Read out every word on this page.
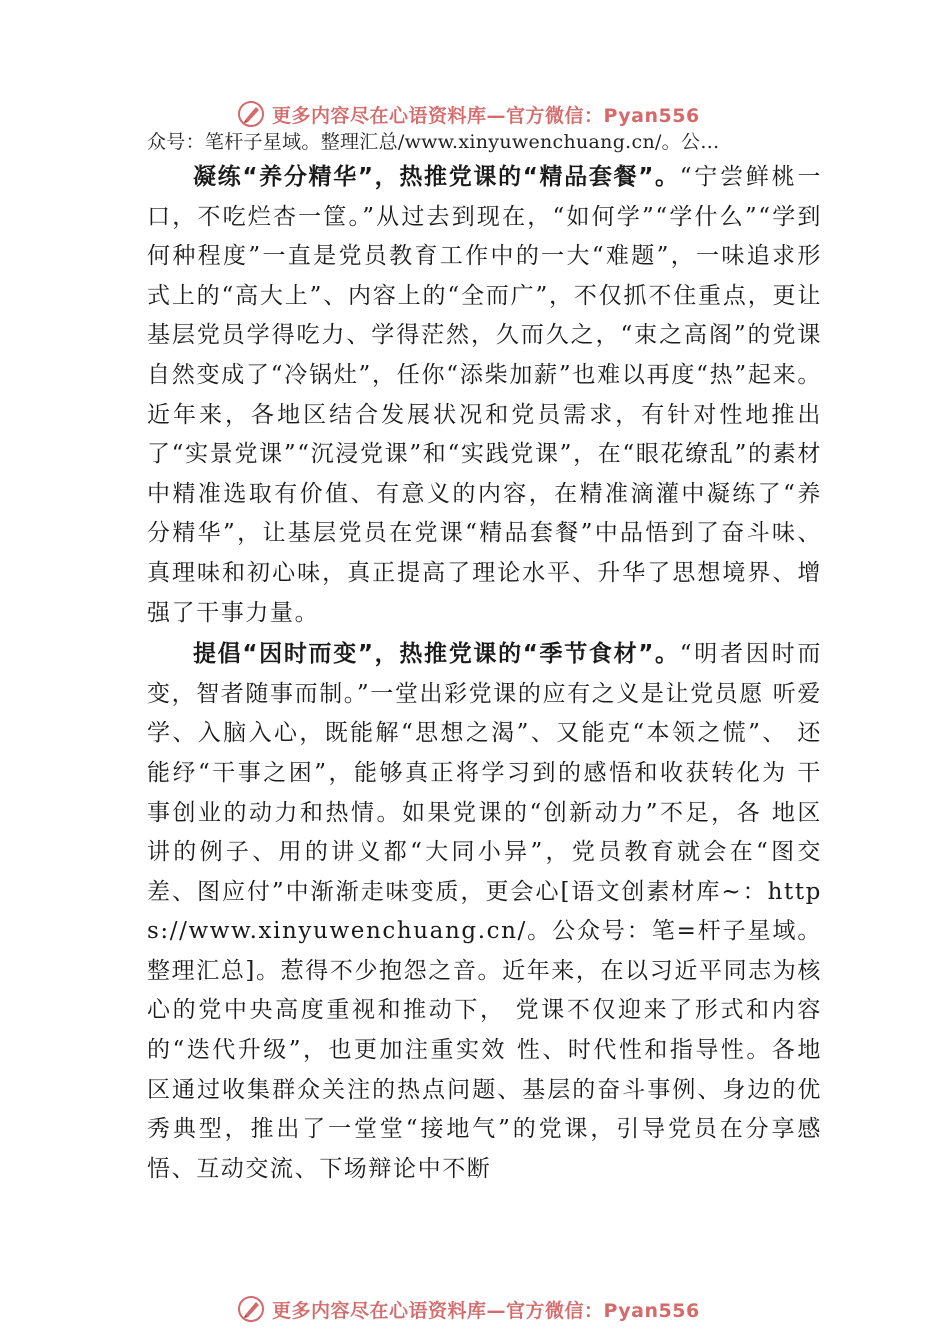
更多内容尽在心语资料库—官方微信：Pyan556
众号：笔杆子星域。整理汇总/www.xinyuwenchuang.cn/。公…

凝练“养分精华”，热推党课的“精品套餐”。“宁尝鲜桃一口，不吃烂杏一筐。”从过去到现在，“如何学”“学什么”“学到何种程度”一直是党员教育工作中的一大“难题”，一味追求形式上的“高大上”、内容上的“全而广”，不仅抓不住重点，更让基层党员学得吃力、学得茫然，久而久之，“束之高阁”的党课自然变成了“冷锅灶”，任你“添柴加薪”也难以再度“热”起来。近年来，各地区结合发展状况和党员需求，有针对性地推出了“实景党课”“沉浸党课”和“实践党课”，在“眼花缭乱”的素材中精准选取有价值、有意义的内容，在精准滴灌中凝练了“养分精华”，让基层党员在党课“精品套餐”中品悟到了奋斗味、真理味和初心味，真正提高了理论水平、升华了思想境界、增强了干事力量。

提倡“因时而变”，热推党课的“季节食材”。“明者因时而变，智者随事而制。”一堂出彩党课的应有之义是让党员愿 听爱学、入脑入心，既能解“思想之渴”、又能克“本领之慌”、 还能纾“干事之困”，能够真正将学习到的感悟和收获转化为 干事创业的动力和热情。如果党课的“创新动力”不足，各 地区讲的例子、用的讲义都“大同小异”，党员教育就会在“图交差、图应付”中渐渐走味变质，更会心[语文创素材库~：https://www.xinyuwenchuang.cn/。公众号：笔=杆子星域。整理汇总]。惹得不少抱怨之音。近年来，在以习近平同志为核心的党中央高度重视和推动下， 党课不仅迎来了形式和内容的“迭代升级”，也更加注重实效 性、时代性和指导性。各地区通过收集群众关注的热点问题、基层的奋斗事例、身边的优秀典型，推出了一堂堂“接地气”的党课，引导党员在分享感悟、互动交流、下场辩论中不断

更多内容尽在心语资料库—官方微信：Pyan556
